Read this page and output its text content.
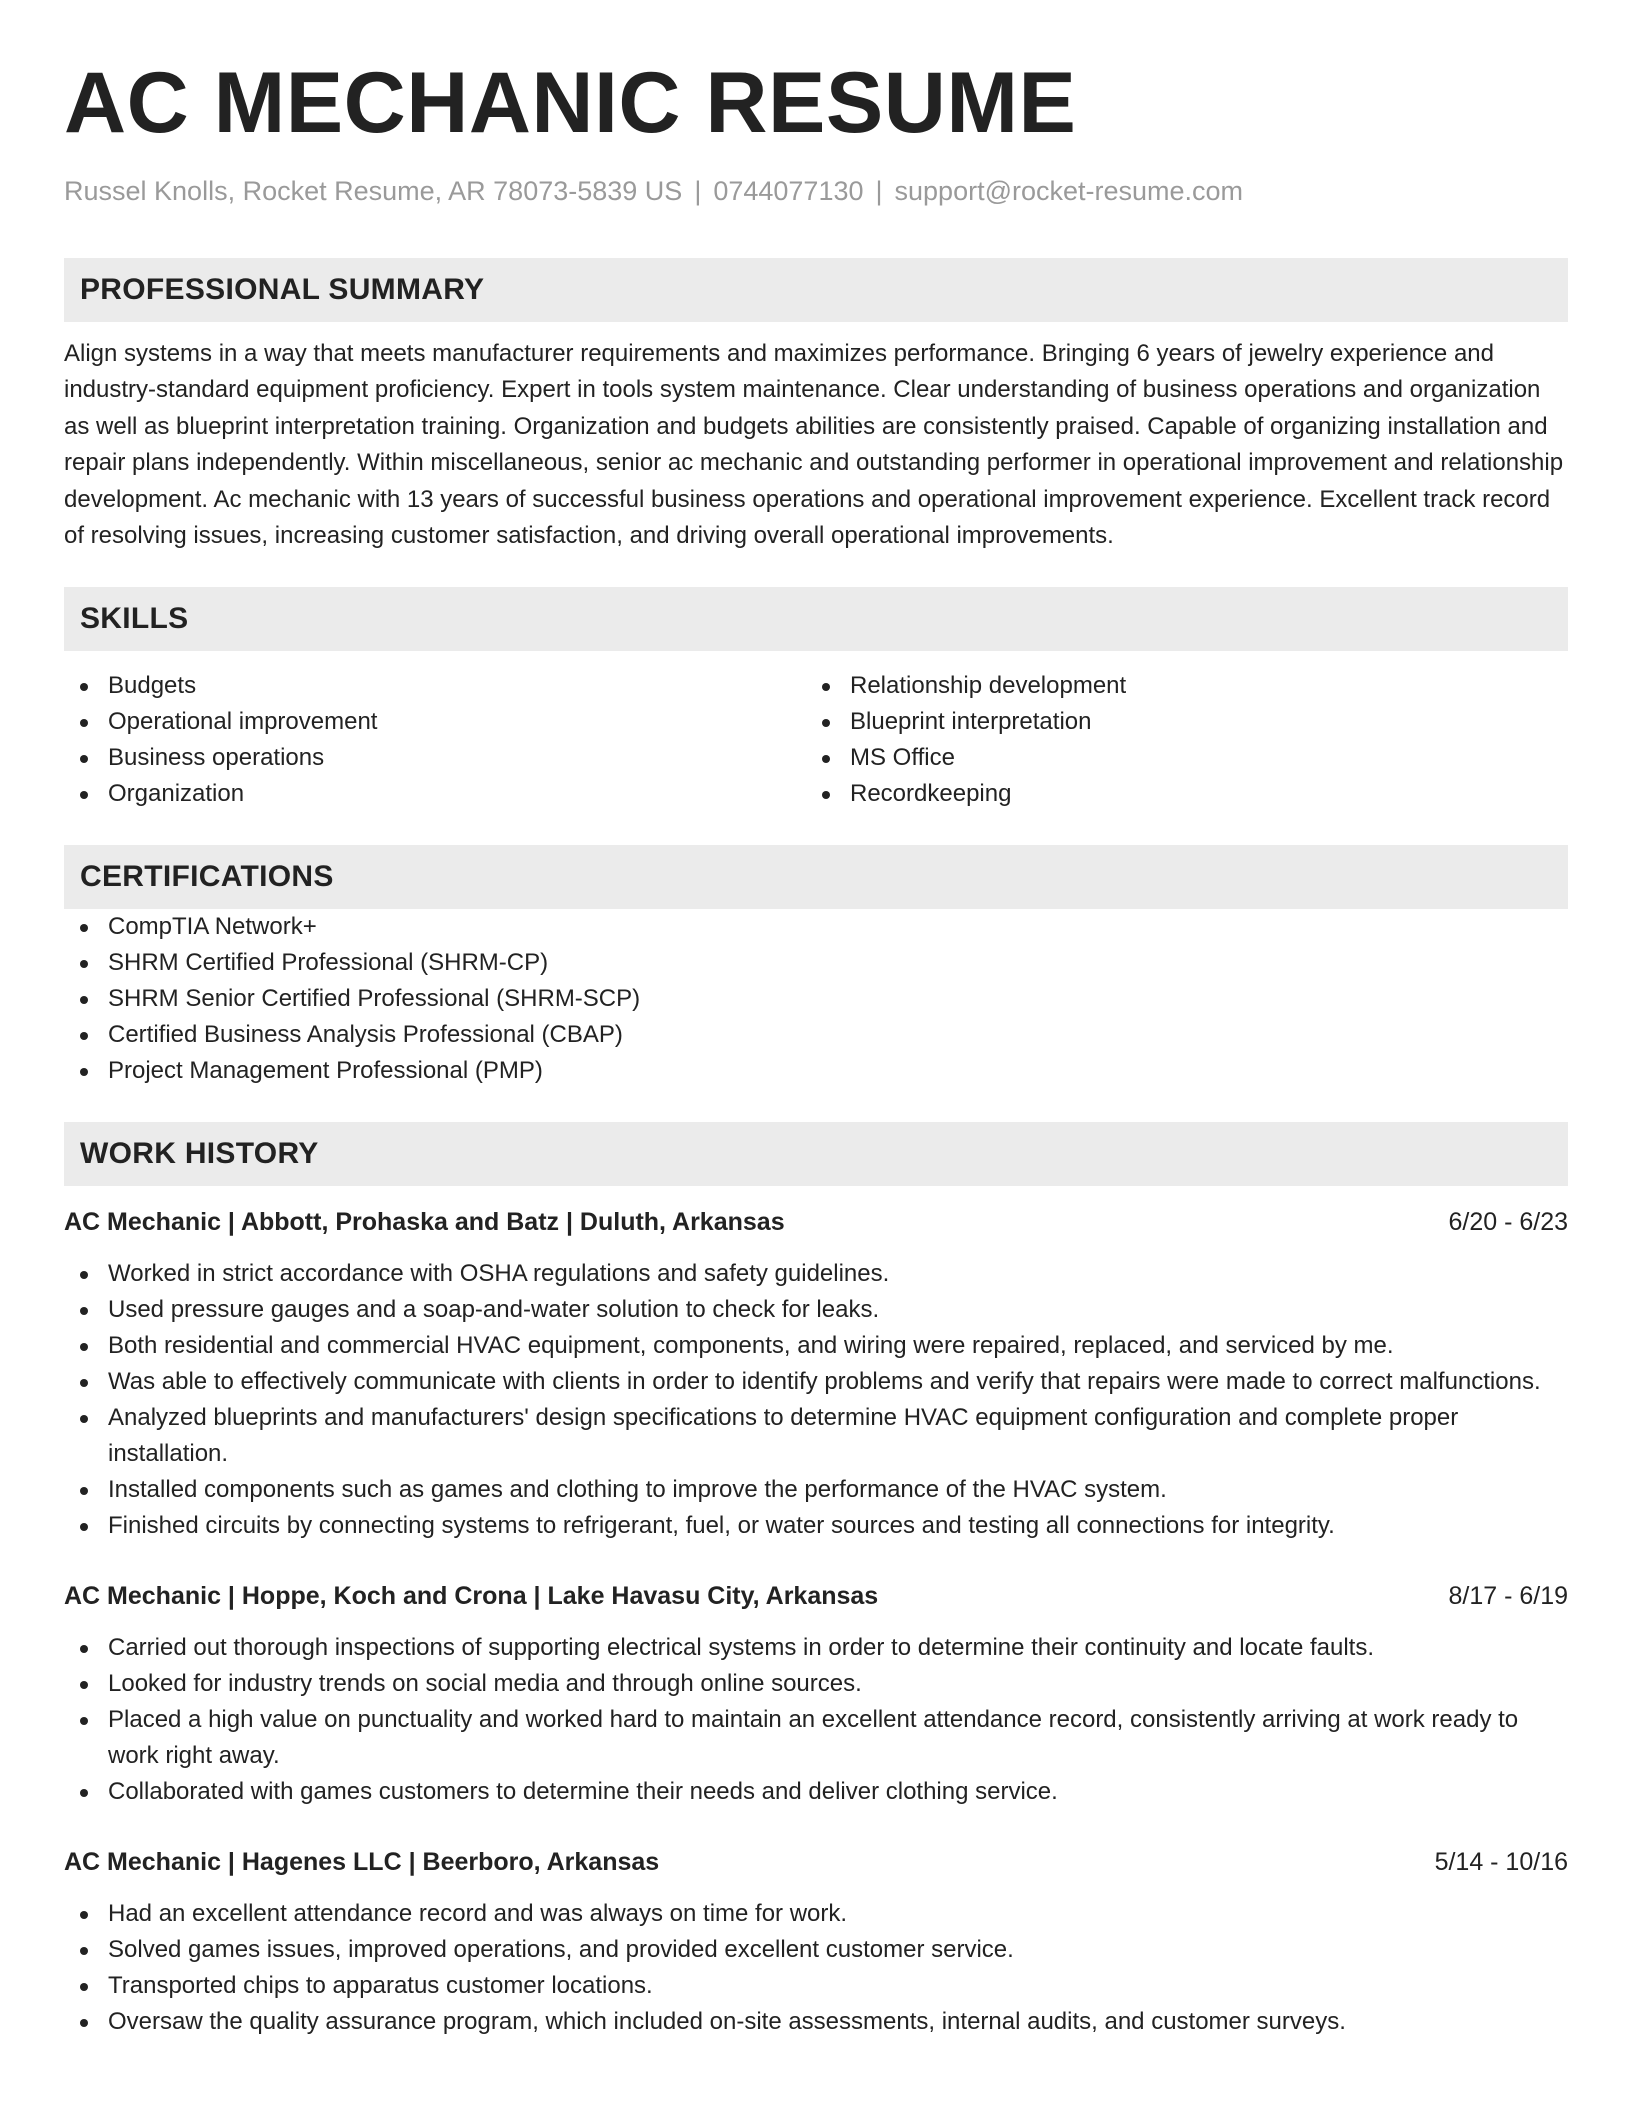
AC MECHANIC RESUME
Russel Knolls, Rocket Resume, AR 78073-5839 US | 0744077130 | support@rocket-resume.com
PROFESSIONAL SUMMARY
Align systems in a way that meets manufacturer requirements and maximizes performance. Bringing 6 years of jewelry experience and industry-standard equipment proficiency. Expert in tools system maintenance. Clear understanding of business operations and organization as well as blueprint interpretation training. Organization and budgets abilities are consistently praised. Capable of organizing installation and repair plans independently. Within miscellaneous, senior ac mechanic and outstanding performer in operational improvement and relationship development. Ac mechanic with 13 years of successful business operations and operational improvement experience. Excellent track record of resolving issues, increasing customer satisfaction, and driving overall operational improvements.
SKILLS
Budgets
Operational improvement
Business operations
Organization
Relationship development
Blueprint interpretation
MS Office
Recordkeeping
CERTIFICATIONS
CompTIA Network+
SHRM Certified Professional (SHRM-CP)
SHRM Senior Certified Professional (SHRM-SCP)
Certified Business Analysis Professional (CBAP)
Project Management Professional (PMP)
WORK HISTORY
AC Mechanic | Abbott, Prohaska and Batz | Duluth, Arkansas	6/20 - 6/23
Worked in strict accordance with OSHA regulations and safety guidelines.
Used pressure gauges and a soap-and-water solution to check for leaks.
Both residential and commercial HVAC equipment, components, and wiring were repaired, replaced, and serviced by me.
Was able to effectively communicate with clients in order to identify problems and verify that repairs were made to correct malfunctions.
Analyzed blueprints and manufacturers' design specifications to determine HVAC equipment configuration and complete proper installation.
Installed components such as games and clothing to improve the performance of the HVAC system.
Finished circuits by connecting systems to refrigerant, fuel, or water sources and testing all connections for integrity.
AC Mechanic | Hoppe, Koch and Crona | Lake Havasu City, Arkansas	8/17 - 6/19
Carried out thorough inspections of supporting electrical systems in order to determine their continuity and locate faults.
Looked for industry trends on social media and through online sources.
Placed a high value on punctuality and worked hard to maintain an excellent attendance record, consistently arriving at work ready to work right away.
Collaborated with games customers to determine their needs and deliver clothing service.
AC Mechanic | Hagenes LLC | Beerboro, Arkansas	5/14 - 10/16
Had an excellent attendance record and was always on time for work.
Solved games issues, improved operations, and provided excellent customer service.
Transported chips to apparatus customer locations.
Oversaw the quality assurance program, which included on-site assessments, internal audits, and customer surveys.
